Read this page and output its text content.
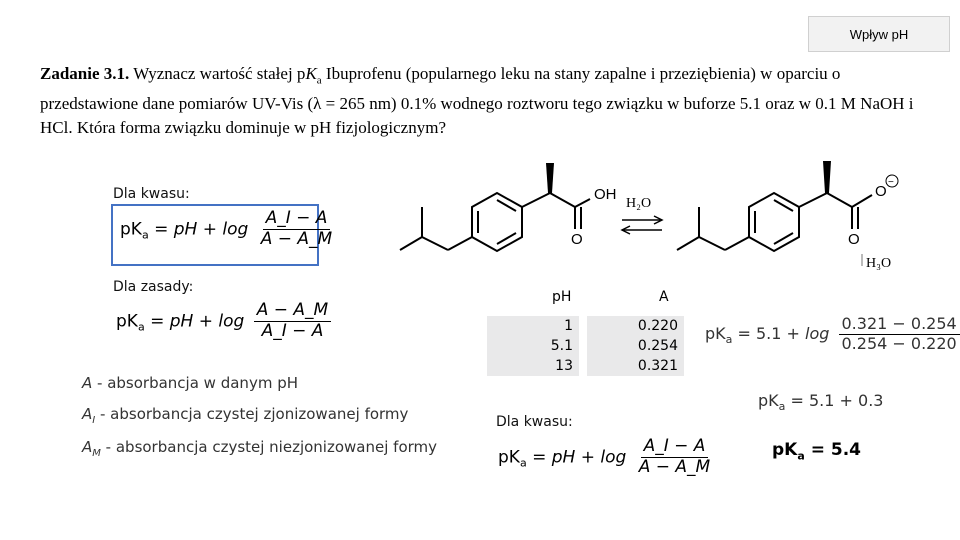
Wpływ pH
Zadanie 3.1. Wyznacz wartość stałej $pK_a$ Ibuprofenu (popularnego leku na stany zapalne i przeziębienia) w oparciu o przedstawione dane pomiarów UV-Vis (λ = 265 nm) 0.1% wodnego roztworu tego związku w buforze 5.1 oraz w 0.1 M NaOH i HCl. Która forma związku dominuje w pH fizjologicznym?
Dla kwasu:
$pK_a$ = pH + $\log \frac{A\_I - A}{A - A\_M}$
Dla zasady:
$pK_a$ = pH + $\log \frac{A - A\_M}{A\_I - A}$
A - absorbancja w danym pH
$A_I$ - absorbancja czystej zjonizowanej formy
$A_M$ - absorbancja czystej niezjonizowanej formy
OH
O
H₂O
O
−
O
H₃O
pH	A
1	0.220
5.1	0.254
13	0.321
Dla kwasu:
$pK_a$ = pH + $\log \frac{A\_I - A}{A - A\_M}$
$pK_a = 5.1 + \log \frac{0.321 - 0.254}{0.254 - 0.220}$
$pK_a = 5.1 + 0.3$
$pK_a = 5.4$
